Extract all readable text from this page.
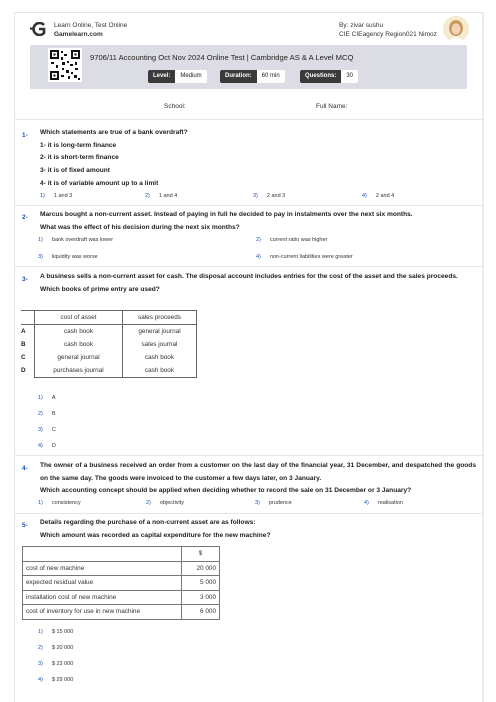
Learn Online, Test Online
Gamelearn.com
By: zivar sushu
CIE CIEagency Region021 Nimoz
9706/11 Accounting Oct Nov 2024 Online Test | Cambridge AS & A Level MCQ
Level:	Medium	Duration:	60 min	Questions:	30
School:	Full Name:
1- Which statements are true of a bank overdraft?
1- it is long-term finance
2- it is short-term finance
3- it is of fixed amount
4- it is of variable amount up to a limit
1) 1 and 3	2) 1 and 4	3) 2 and 3	4) 2 and 4
2- Marcus bought a non-current asset. Instead of paying in full he decided to pay in instalments over the next six months.
What was the effect of his decision during the next six months?
1) bank overdraft was lower	2) current ratio was higher
3) liquidity was worse	4) non-current liabilities were greater
3- A business sells a non-current asset for cash. The disposal account includes entries for the cost of the asset and the sales proceeds.
Which books of prime entry are used?
	cost of asset	sales proceeds
A	cash book	general journal
B	cash book	sales journal
C	general journal	cash book
D	purchases journal	cash book
1) A
2) B
3) C
4) D
4- The owner of a business received an order from a customer on the last day of the financial year, 31 December, and despatched the goods on the same day. The goods were invoiced to the customer a few days later, on 3 January.
Which accounting concept should be applied when deciding whether to record the sale on 31 December or 3 January?
1) consistency	2) objectivity	3) prudence	4) realisation
5- Details regarding the purchase of a non-current asset are as follows:
Which amount was recorded as capital expenditure for the new machine?
	$
cost of new machine	20 000
expected residual value	5 000
installation cost of new machine	3 000
cost of inventory for use in new machine	6 000
1) $ 15 000
2) $ 20 000
3) $ 23 000
4) $ 29 000
